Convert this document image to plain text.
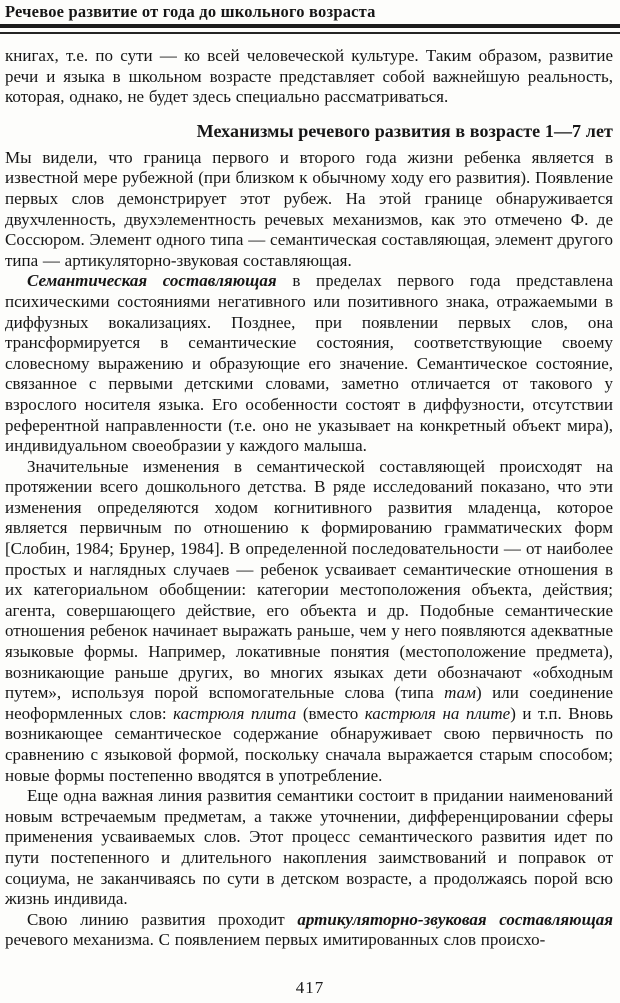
Речевое развитие от года до школьного возраста

книгах, т.е. по сути — ко всей человеческой культуре. Таким образом, развитие речи и языка в школьном возрасте представляет собой важнейшую реальность, которая, однако, не будет здесь специально рассматриваться.

Механизмы речевого развития в возрасте 1—7 лет

Мы видели, что граница первого и второго года жизни ребенка является в известной мере рубежной (при близком к обычному ходу его развития). Появление первых слов демонстрирует этот рубеж. На этой границе обнаруживается двухчленность, двухэлементность речевых механизмов, как это отмечено Ф. де Соссюром. Элемент одного типа — семантическая составляющая, элемент другого типа — артикуляторно-звуковая составляющая.

Семантическая составляющая в пределах первого года представлена психическими состояниями негативного или позитивного знака, отражаемыми в диффузных вокализациях. Позднее, при появлении первых слов, она трансформируется в семантические состояния, соответствующие своему словесному выражению и образующие его значение. Семантическое состояние, связанное с первыми детскими словами, заметно отличается от такового у взрослого носителя языка. Его особенности состоят в диффузности, отсутствии референтной направленности (т.е. оно не указывает на конкретный объект мира), индивидуальном своеобразии у каждого малыша.

Значительные изменения в семантической составляющей происходят на протяжении всего дошкольного детства. В ряде исследований показано, что эти изменения определяются ходом когнитивного развития младенца, которое является первичным по отношению к формированию грамматических форм [Слобин, 1984; Брунер, 1984]. В определенной последовательности — от наиболее простых и наглядных случаев — ребенок усваивает семантические отношения в их категориальном обобщении: категории местоположения объекта, действия; агента, совершающего действие, его объекта и др. Подобные семантические отношения ребенок начинает выражать раньше, чем у него появляются адекватные языковые формы. Например, локативные понятия (местоположение предмета), возникающие раньше других, во многих языках дети обозначают «обходным путем», используя порой вспомогательные слова (типа там) или соединение неоформленных слов: кастрюля плита (вместо кастрюля на плите) и т.п. Вновь возникающее семантическое содержание обнаруживает свою первичность по сравнению с языковой формой, поскольку сначала выражается старым способом; новые формы постепенно вводятся в употребление.

Еще одна важная линия развития семантики состоит в придании наименований новым встречаемым предметам, а также уточнении, дифференцировании сферы применения усваиваемых слов. Этот процесс семантического развития идет по пути постепенного и длительного накопления заимствований и поправок от социума, не заканчиваясь по сути в детском возрасте, а продолжаясь порой всю жизнь индивида.

Свою линию развития проходит артикуляторно-звуковая составляющая речевого механизма. С появлением первых имитированных слов происхо-

417
